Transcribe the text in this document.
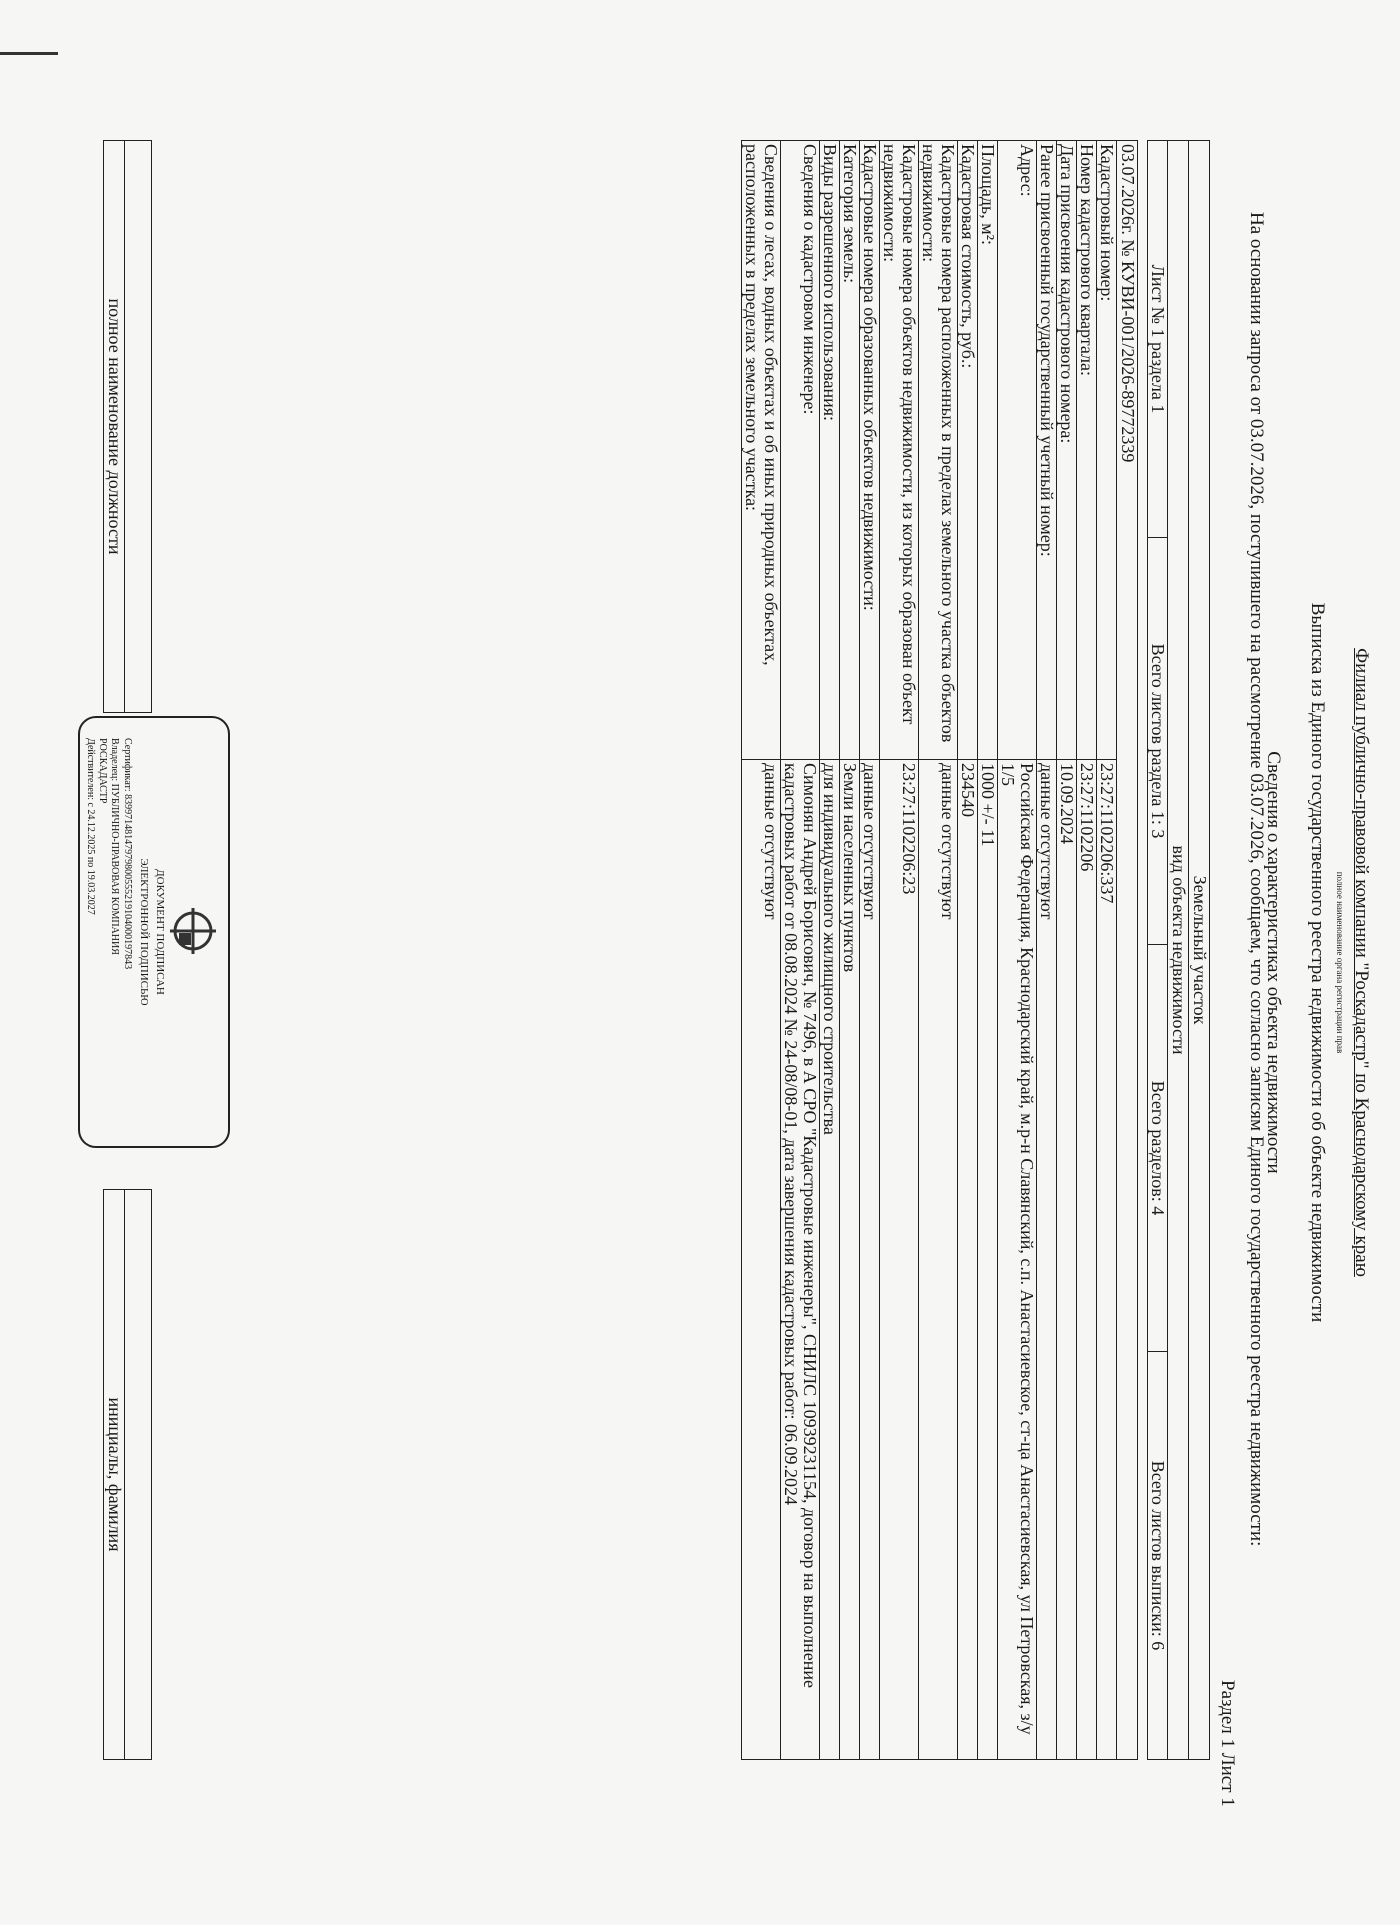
Филиал публично-правовой компании "Роскадастр" по Краснодарскому краю
полное наименование органа регистрации прав
Выписка из Единого государственного реестра недвижимости об объекте недвижимости
Сведения о характеристиках объекта недвижимости
На основании запроса от 03.07.2026, поступившего на рассмотрение 03.07.2026, сообщаем, что согласно записям Единого государственного реестра недвижимости:
Раздел 1 Лист 1
Земельный участок
вид объекта недвижимости
Лист № 1 раздела 1	Всего листов раздела 1: 3	Всего разделов: 4	Всего листов выписки: 6
03.07.2026г. № КУВИ-001/2026-89772339	
Кадастровый номер:	23:27:1102206:337
Номер кадастрового квартала:	23:27:1102206
Дата присвоения кадастрового номера:	10.09.2024
Ранее присвоенный государственный учетный номер:	данные отсутствуют
Адрес:	Российская Федерация, Краснодарский край, м.р-н Славянский, с.п. Анастасиевское, ст-ца Анастасиевская, ул Петровская, з/у 1/5
Площадь, м²:	1000 +/- 11
Кадастровая стоимость, руб.:	234540
Кадастровые номера расположенных в пределах земельного участка объектов недвижимости:	данные отсутствуют
Кадастровые номера объектов недвижимости, из которых образован объект недвижимости:	23:27:1102206:23
Кадастровые номера образованных объектов недвижимости:	данные отсутствуют
Категория земель:	Земли населенных пунктов
Виды разрешенного использования:	для индивидуального жилищного строительства
Сведения о кадастровом инженере:	Симонян Андрей Борисович, № 7496, в А СРО "Кадастровые инженеры", СНИЛС 10939231154, договор на выполнение кадастровых работ от 08.08.2024 № 24-08/08-01, дата завершения кадастровых работ: 06.09.2024
Сведения о лесах, водных объектах и об иных природных объектах, расположенных в пределах земельного участка:	данные отсутствуют

полное наименование должности		инициалы, фамилия
ДОКУМЕНТ ПОДПИСАН
ЭЛЕКТРОННОЙ ПОДПИСЬЮ
Сертификат: 83997148147979800555219104000197843
Владелец: ПУБЛИЧНО-ПРАВОВАЯ КОМПАНИЯ
РОСКАДАСТР
Действителен: с 24.12.2025 по 19.03.2027
